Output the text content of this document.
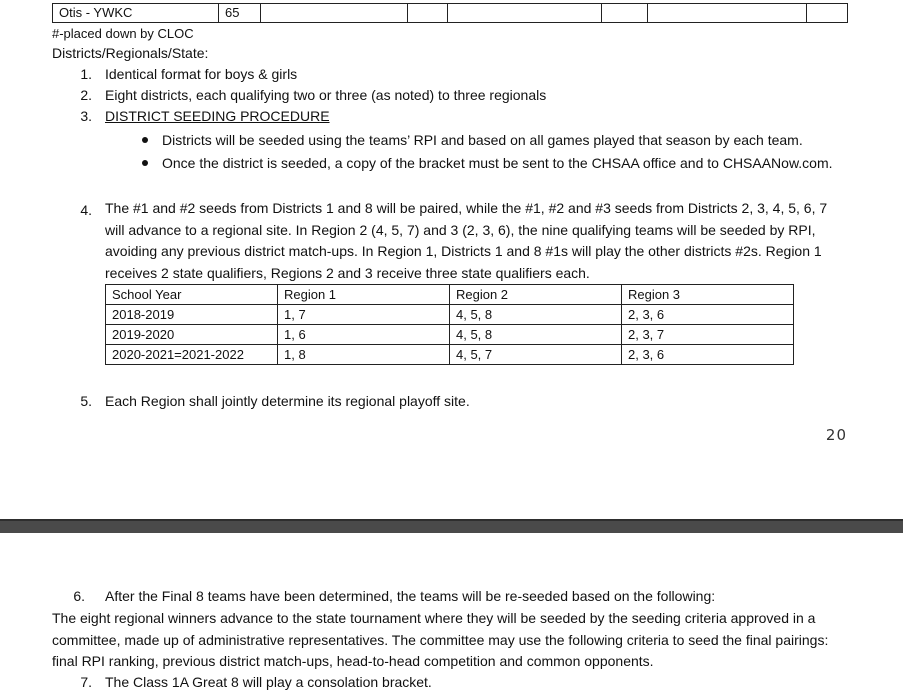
Otis - YWKC	65						
#-placed down by CLOC
Districts/Regionals/State:
1. Identical format for boys & girls
2. Eight districts, each qualifying two or three (as noted) to three regionals
3. DISTRICT SEEDING PROCEDURE
Districts will be seeded using the teams’ RPI and based on all games played that season by each team.
Once the district is seeded, a copy of the bracket must be sent to the CHSAA office and to CHSAANow.com.
4. The #1 and #2 seeds from Districts 1 and 8 will be paired, while the #1, #2 and #3 seeds from Districts 2, 3, 4, 5, 6, 7 will advance to a regional site. In Region 2 (4, 5, 7) and 3 (2, 3, 6), the nine qualifying teams will be seeded by RPI, avoiding any previous district match-ups. In Region 1, Districts 1 and 8 #1s will play the other districts #2s. Region 1 receives 2 state qualifiers, Regions 2 and 3 receive three state qualifiers each.
School Year	Region 1	Region 2	Region 3
2018-2019	1, 7	4, 5, 8	2, 3, 6
2019-2020	1, 6	4, 5, 8	2, 3, 7
2020-2021=2021-2022	1, 8	4, 5, 7	2, 3, 6
5. Each Region shall jointly determine its regional playoff site.
20
6. After the Final 8 teams have been determined, the teams will be re-seeded based on the following:
The eight regional winners advance to the state tournament where they will be seeded by the seeding criteria approved in a committee, made up of administrative representatives. The committee may use the following criteria to seed the final pairings: final RPI ranking, previous district match-ups, head-to-head competition and common opponents.
7. The Class 1A Great 8 will play a consolation bracket.
